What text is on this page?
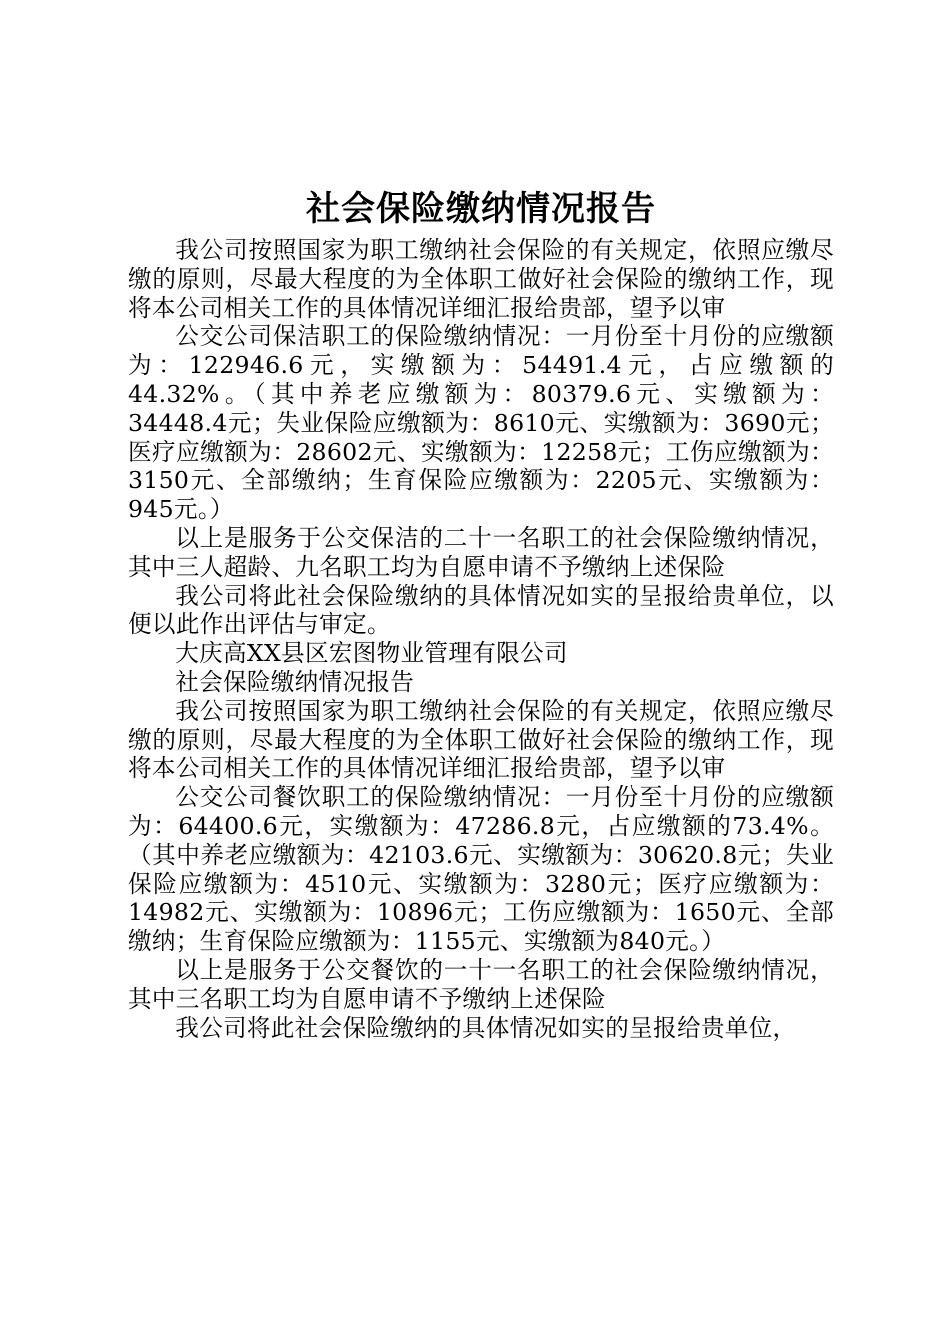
社会保险缴纳情况报告

我公司按照国家为职工缴纳社会保险的有关规定，依照应缴尽缴的原则，尽最大程度的为全体职工做好社会保险的缴纳工作，现将本公司相关工作的具体情况详细汇报给贵部，望予以审

公交公司保洁职工的保险缴纳情况：一月份至十月份的应缴额为：122946.6元，实缴额为：54491.4元，占应缴额的44.32%。（其中养老应缴额为：80379.6元、实缴额为：34448.4元；失业保险应缴额为：8610元、实缴额为：3690元；医疗应缴额为：28602元、实缴额为：12258元；工伤应缴额为：3150元、全部缴纳；生育保险应缴额为：2205元、实缴额为：945元。）

以上是服务于公交保洁的二十一名职工的社会保险缴纳情况，其中三人超龄、九名职工均为自愿申请不予缴纳上述保险

我公司将此社会保险缴纳的具体情况如实的呈报给贵单位，以便以此作出评估与审定。

大庆高XX县区宏图物业管理有限公司

社会保险缴纳情况报告

我公司按照国家为职工缴纳社会保险的有关规定，依照应缴尽缴的原则，尽最大程度的为全体职工做好社会保险的缴纳工作，现将本公司相关工作的具体情况详细汇报给贵部，望予以审

公交公司餐饮职工的保险缴纳情况：一月份至十月份的应缴额为：64400.6元，实缴额为：47286.8元，占应缴额的73.4%。（其中养老应缴额为：42103.6元、实缴额为：30620.8元；失业保险应缴额为：4510元、实缴额为：3280元；医疗应缴额为：14982元、实缴额为：10896元；工伤应缴额为：1650元、全部缴纳；生育保险应缴额为：1155元、实缴额为840元。）

以上是服务于公交餐饮的一十一名职工的社会保险缴纳情况，其中三名职工均为自愿申请不予缴纳上述保险

我公司将此社会保险缴纳的具体情况如实的呈报给贵单位，
